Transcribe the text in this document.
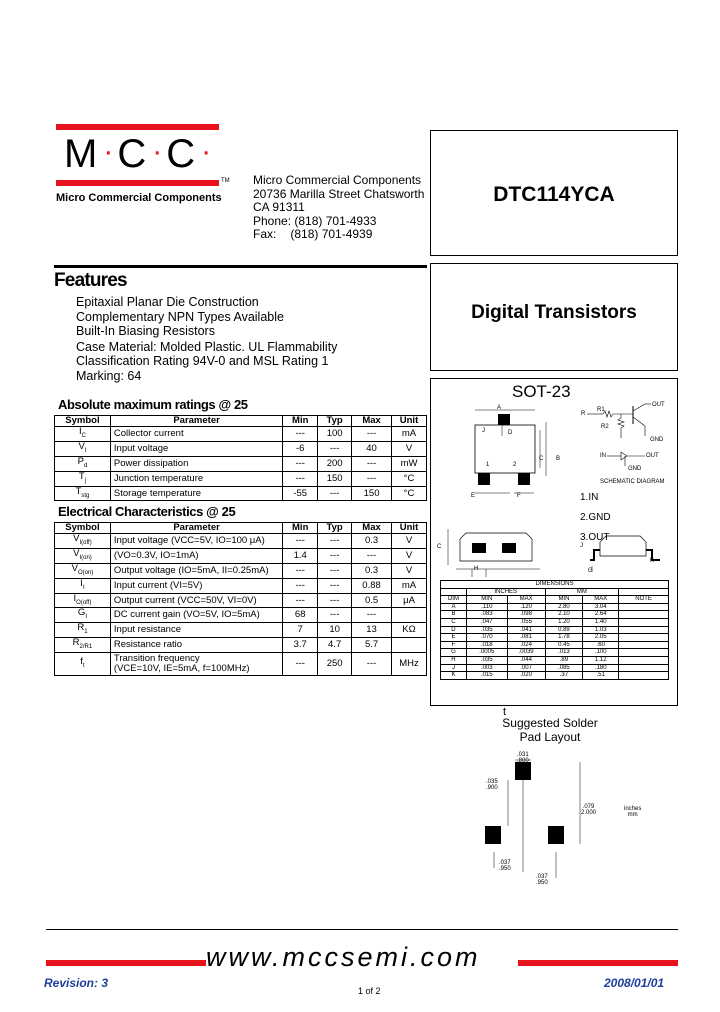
M·C·C·
TM
Micro Commercial Components
Micro Commercial Components
20736 Marilla Street Chatsworth
CA 91311
Phone: (818) 701-4933
Fax: (818) 701-4939
DTC114YCA
Digital Transistors
Features
Epitaxial Planar Die Construction
Complementary NPN Types Available
Built-In Biasing Resistors
Case Material: Molded Plastic. UL Flammability
Classification Rating 94V-0 and MSL Rating 1
Marking: 64
Absolute maximum ratings @ 25
Symbol	Parameter	Min	Typ	Max	Unit
$I_C$	Collector current	---	100	---	mA
$V_I$	Input voltage	-6	---	40	V
$P_d$	Power dissipation	---	200	---	mW
$T_j$	Junction temperature	---	150	---	°C
$T_{stg}$	Storage temperature	-55	---	150	°C
Electrical Characteristics @ 25
Symbol	Parameter	Min	Typ	Max	Unit
$V_{I(off)}$	Input voltage (VCC=5V, IO=100 μA)	---	---	0.3	V
$V_{I(on)}$	(VO=0.3V, IO=1mA)	1.4	---	---	V
$V_{O(on)}$	Output voltage (IO=5mA, II=0.25mA)	---	---	0.3	V
$I_I$	Input current (VI=5V)	---	---	0.88	mA
$I_{O(off)}$	Output current (VCC=50V, VI=0V)	---	---	0.5	μA
$G_I$	DC current gain (VO=5V, IO=5mA)	68	---	---	
$R_1$	Input resistance	7	10	13	KΩ
$R_{2/R1}$	Resistance ratio	3.7	4.7	5.7	
$f_t$	Transition frequency
(VCE=10V, IE=5mA, f=100MHz)	---	250	---	MHz
SOT-23
A
J	D
C B
1	2
E	F
R1
R
OUT
R2
GND
IN	OUT
GND
SCHEMATIC DIAGRAM
1.IN
2.GND
3.OUT
C
H
J
K
G
DIMENSIONS					
	INCHES		MM		
DIM	MIN	MAX	MIN	MAX	NOTE
A	.110	.120	2.80	3.04	
B	.083	.098	2.10	2.64	
C	.047	.055	1.20	1.40	
D	.035	.041	0.89	1.03	
E	.070	.081	1.78	2.05	
F	.018	.024	0.45	.60	
G	.0005	.0039	.013	.100	
H	.035	.044	.89	1.12	
J	.003	.007	.085	.180	
K	.015	.020	.37	.51	
t
Suggested Solder
Pad Layout
.031
.800
.035
.900
.079
2.000
inches
mm
.037
.950
.037
.950
www.mccsemi.com
Revision: 3
1 of 2
2008/01/01
